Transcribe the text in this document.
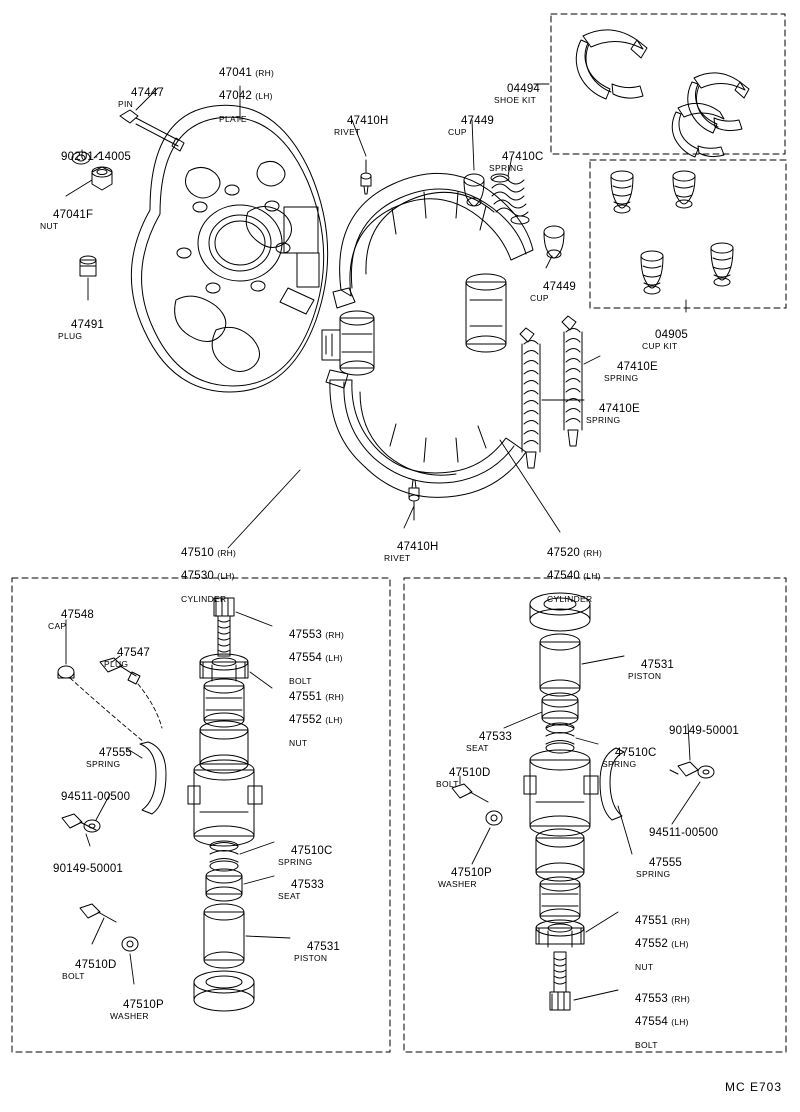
47447
PIN

47041 (RH)

47042 (LH)

PLATE
	47410H
RIVET

47449
CUP

47410C
SPRING

04494
SHOE KIT

90201-14005

47041F
NUT

47491
PLUG

47449
CUP

04905
CUP KIT

47410E
SPRING

47410E
SPRING

47410H
RIVET

47510 (RH)

47530 (LH)

CYLINDER

47520 (RH)

47540 (LH)

CYLINDER

47548
CAP

47547
PLUG

47553 (RH)

47554 (LH)

BOLT

47551 (RH)

47552 (LH)

NUT

47555
SPRING

94511-00500

90149-50001

47510C
SPRING

47533
SEAT

47531
PISTON

47510D
BOLT

47510P
WASHER

47531
PISTON

47533
SEAT

90149-50001

47510C
SPRING

47510D
BOLT

94511-00500

47555
SPRING

47510P
WASHER

47551 (RH)

47552 (LH)

NUT

47553 (RH)

47554 (LH)

BOLT

MC E703
